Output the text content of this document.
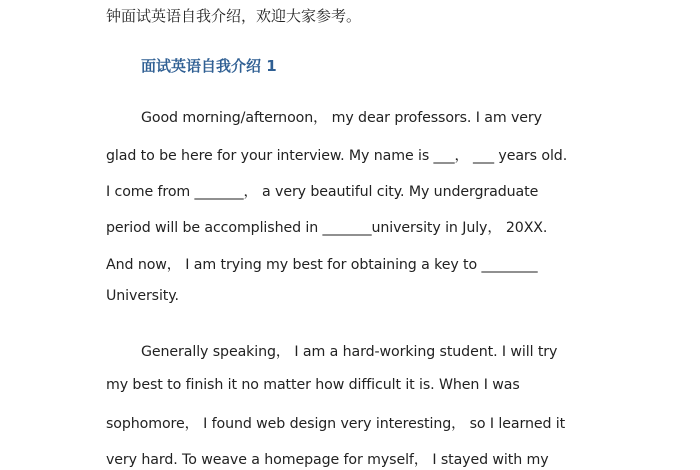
钟面试英语自我介绍，欢迎大家参考。
面试英语自我介绍 1
Good morning/afternoon， my dear professors. I am very
glad to be here for your interview. My name is ___， ___ years old.
I come from _______， a very beautiful city. My undergraduate
period will be accomplished in _______university in July， 20XX.
And now， I am trying my best for obtaining a key to ________
University.
Generally speaking， I am a hard-working student. I will try
my best to finish it no matter how difficult it is. When I was
sophomore， I found web design very interesting， so I learned it
very hard. To weave a homepage for myself， I stayed with my
